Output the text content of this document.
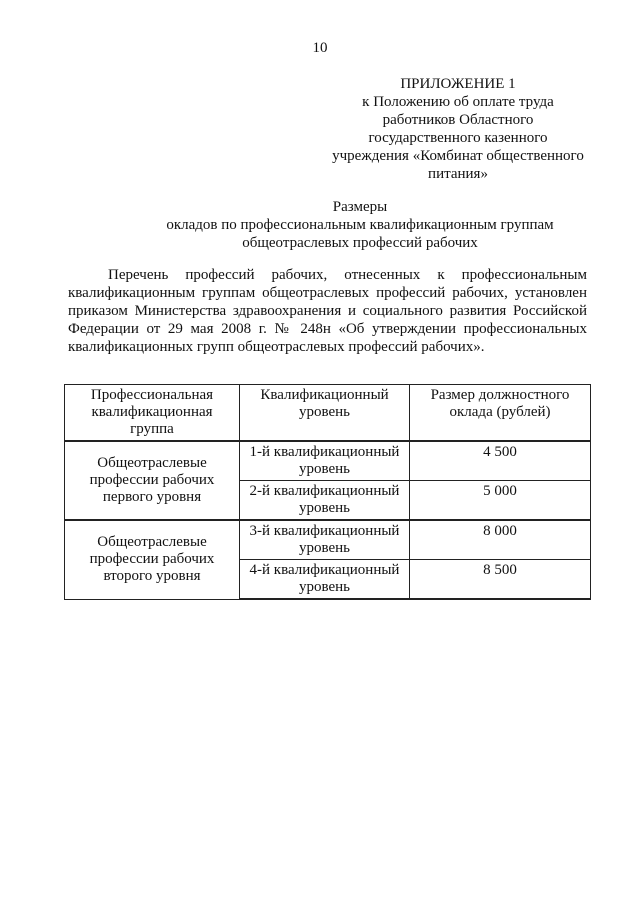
10
ПРИЛОЖЕНИЕ 1
к Положению об оплате труда
работников Областного
государственного казенного
учреждения «Комбинат общественного
питания»
Размеры
окладов по профессиональным квалификационным группам
общеотраслевых профессий рабочих
Перечень профессий рабочих, отнесенных к профессиональным квалификационным группам общеотраслевых профессий рабочих, установлен приказом Министерства здравоохранения и социального развития Российской Федерации от 29 мая 2008 г. № 248н «Об утверждении профессиональных квалификационных групп общеотраслевых профессий рабочих».
Профессиональная квалификационная группа	Квалификационный уровень	Размер должностного оклада (рублей)
Общеотраслевые профессии рабочих первого уровня	1-й квалификационный уровень	4 500
	2-й квалификационный уровень	5 000
Общеотраслевые профессии рабочих второго уровня	3-й квалификационный уровень	8 000
	4-й квалификационный уровень	8 500
